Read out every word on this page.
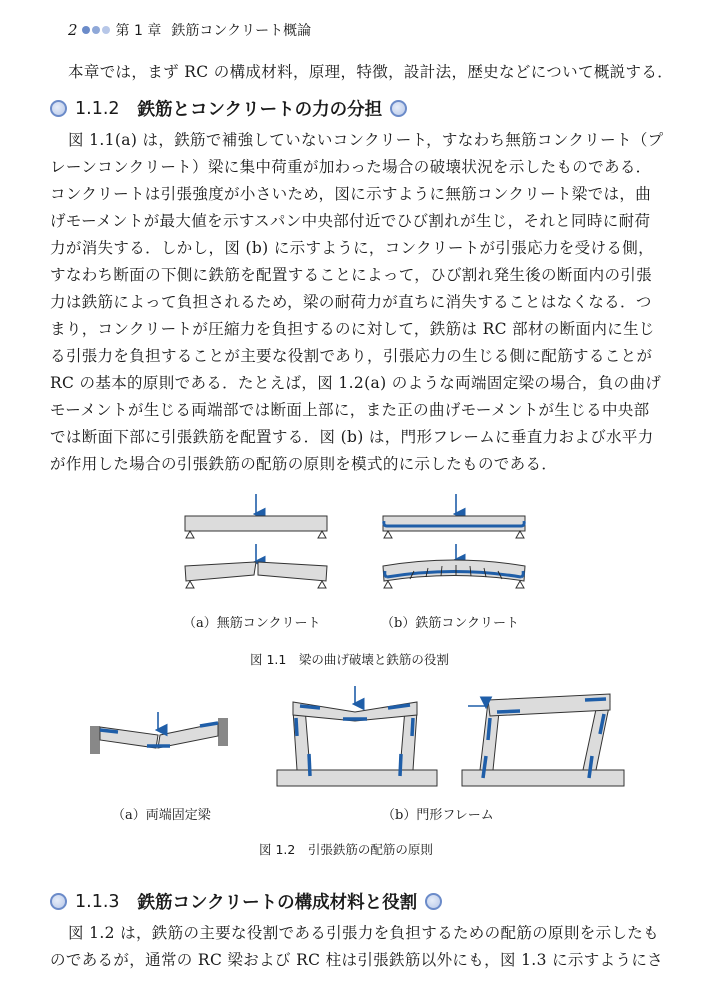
2	第 1 章 鉄筋コンクリート概論

本章では，まず RC の構成材料，原理，特徴，設計法，歴史などについて概説する．

1.1.2 鉄筋とコンクリートの力の分担

図 1.1(a) は，鉄筋で補強していないコンクリート，すなわち無筋コンクリート（プ

レーンコンクリート）梁に集中荷重が加わった場合の破壊状況を示したものである．

コンクリートは引張強度が小さいため，図に示すように無筋コンクリート梁では，曲

げモーメントが最大値を示すスパン中央部付近でひび割れが生じ，それと同時に耐荷

力が消失する．しかし，図 (b) に示すように，コンクリートが引張応力を受ける側，

すなわち断面の下側に鉄筋を配置することによって，ひび割れ発生後の断面内の引張

力は鉄筋によって負担されるため，梁の耐荷力が直ちに消失することはなくなる．つ

まり，コンクリートが圧縮力を負担するのに対して，鉄筋は RC 部材の断面内に生じ

る引張力を負担することが主要な役割であり，引張応力の生じる側に配筋することが

RC の基本的原則である．たとえば，図 1.2(a) のような両端固定梁の場合，負の曲げ

モーメントが生じる両端部では断面上部に，また正の曲げモーメントが生じる中央部

では断面下部に引張鉄筋を配置する．図 (b) は，門形フレームに垂直力および水平力

が作用した場合の引張鉄筋の配筋の原則を模式的に示したものである．

（a）無筋コンクリート	（b）鉄筋コンクリート
図 1.1　梁の曲げ破壊と鉄筋の役割
（a）両端固定梁	（b）門形フレーム
図 1.2　引張鉄筋の配筋の原則
1.1.3 鉄筋コンクリートの構成材料と役割

図 1.2 は，鉄筋の主要な役割である引張力を負担するための配筋の原則を示したも

のであるが，通常の RC 梁および RC 柱は引張鉄筋以外にも，図 1.3 に示すようにさ
